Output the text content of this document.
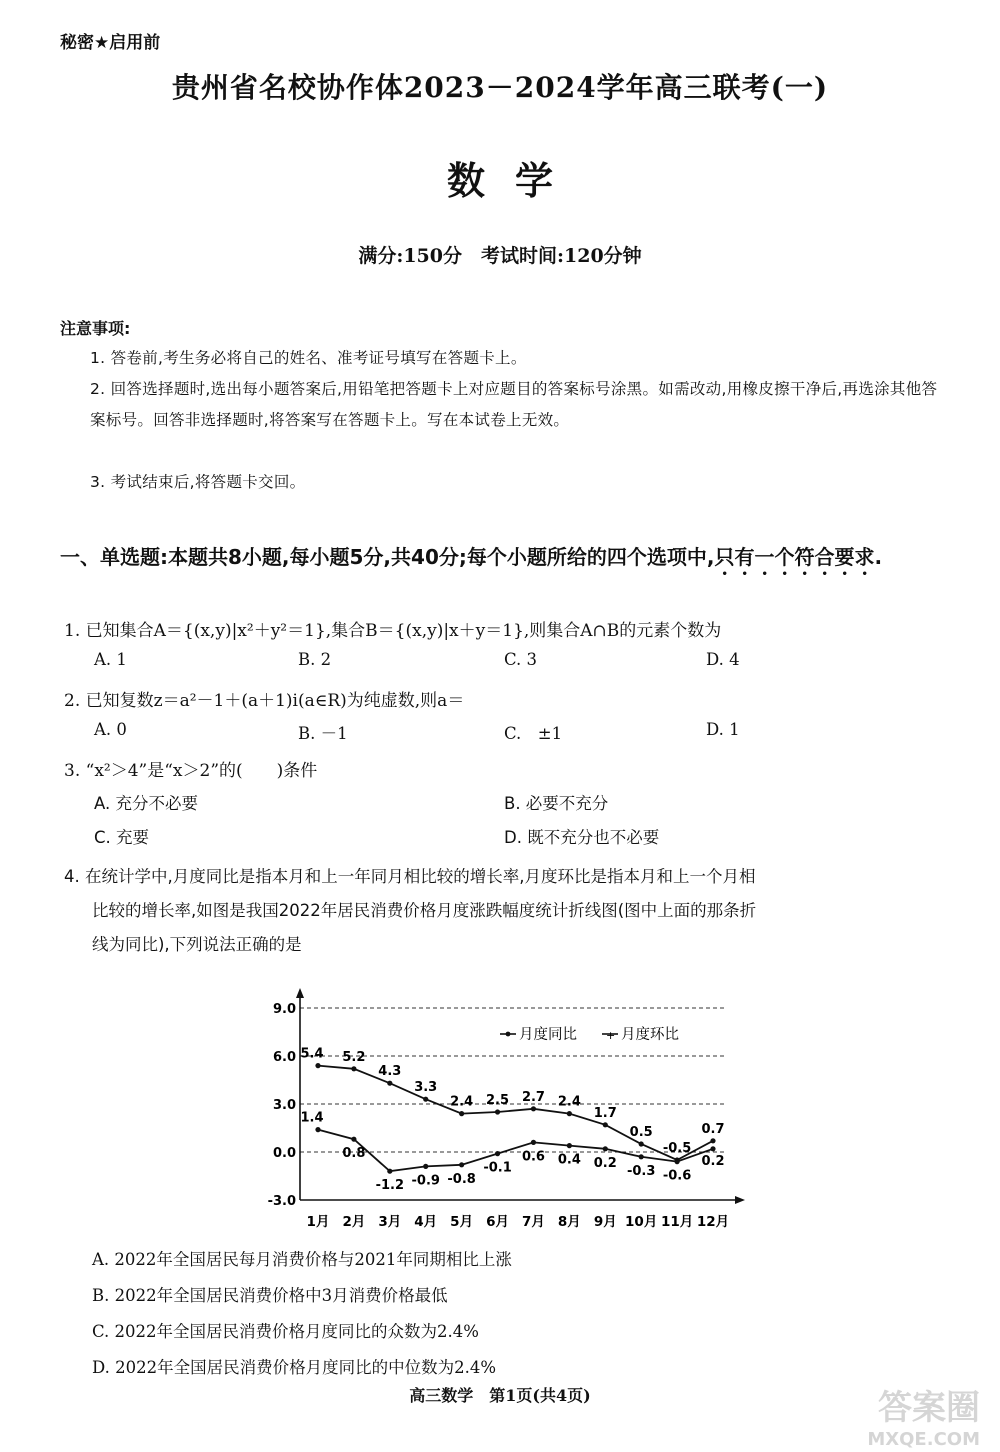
秘密★启用前
贵州省名校协作体2023－2024学年高三联考(一)
数学
满分:150分　考试时间:120分钟
注意事项:
1. 答卷前,考生务必将自己的姓名、准考证号填写在答题卡上。
2. 回答选择题时,选出每小题答案后,用铅笔把答题卡上对应题目的答案标号涂黑。如需改动,用橡皮擦干净后,再选涂其他答案标号。回答非选择题时,将答案写在答题卡上。写在本试卷上无效。
3. 考试结束后,将答题卡交回。
一、单选题:本题共8小题,每小题5分,共40分;每个小题所给的四个选项中,只有一个符合要求.
1. 已知集合A＝{(x,y)|x²＋y²＝1},集合B＝{(x,y)|x＋y＝1},则集合A∩B的元素个数为
A. 1	B. 2	C. 3	D. 4
2. 已知复数z＝a²－1＋(a＋1)i(a∈R)为纯虚数,则a＝
A. 0	B. －1	C.　±1	D. 1
3. “x²＞4”是“x＞2”的(　　)条件
A. 充分不必要	B. 必要不充分
C. 充要	D. 既不充分也不必要
4. 在统计学中,月度同比是指本月和上一年同月相比较的增长率,月度环比是指本月和上一个月相
比较的增长率,如图是我国2022年居民消费价格月度涨跌幅度统计折线图(图中上面的那条折
线为同比),下列说法正确的是
9.0
6.0
3.0
0.0
-3.0
1月 2月 3月 4月 5月 6月 7月 8月 9月 10月 11月 12月
5.4 5.2
4.3
3.3
2.4 2.5 2.7 2.4
1.7
0.5
-0.5
0.7
1.4
0.8
-1.2 -0.9 -0.8
-0.1
0.6 0.4 0.2
-0.3 -0.6
0.2
月度同比	+ 月度环比
A. 2022年全国居民每月消费价格与2021年同期相比上涨
B. 2022年全国居民消费价格中3月消费价格最低
C. 2022年全国居民消费价格月度同比的众数为2.4%
D. 2022年全国居民消费价格月度同比的中位数为2.4%
高三数学　第1页(共4页)	答案圈
MXQE.COM
